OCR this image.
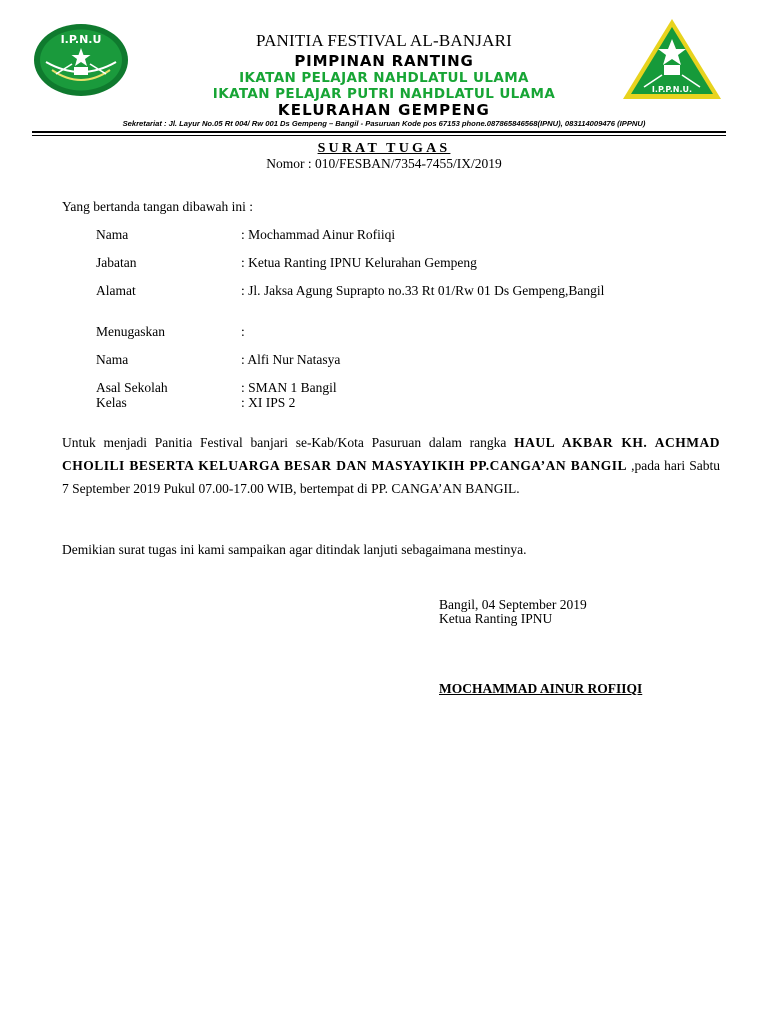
I.P.N.U
I.P.P.N.U.
PANITIA FESTIVAL AL-BANJARI
PIMPINAN RANTING
IKATAN PELAJAR NAHDLATUL ULAMA
IKATAN PELAJAR PUTRI NAHDLATUL ULAMA
KELURAHAN GEMPENG
Sekretariat : Jl. Layur No.05 Rt 004/ Rw 001 Ds Gempeng – Bangil - Pasuruan Kode pos 67153 phone.087865846568(IPNU), 083114009476 (IPPNU)
SURAT TUGAS
Nomor : 010/FESBAN/7354-7455/IX/2019
Yang bertanda tangan dibawah ini :
Nama	: Mochammad Ainur Rofiiqi
Jabatan	: Ketua Ranting IPNU Kelurahan Gempeng
Alamat	: Jl. Jaksa Agung Suprapto no.33 Rt 01/Rw 01 Ds Gempeng,Bangil
Menugaskan	:
Nama	: Alfi Nur Natasya
Asal Sekolah	: SMAN 1 Bangil
Kelas	: XI IPS 2
Untuk menjadi Panitia Festival banjari se-Kab/Kota Pasuruan dalam rangka HAUL AKBAR KH. ACHMAD CHOLILI BESERTA KELUARGA BESAR DAN MASYAYIKIH PP.CANGA’AN BANGIL ,pada hari Sabtu 7 September 2019 Pukul 07.00-17.00 WIB, bertempat di PP. CANGA’AN BANGIL.
Demikian surat tugas ini kami sampaikan agar ditindak lanjuti sebagaimana mestinya.
Bangil, 04 September 2019
Ketua Ranting IPNU
MOCHAMMAD AINUR ROFIIQI
